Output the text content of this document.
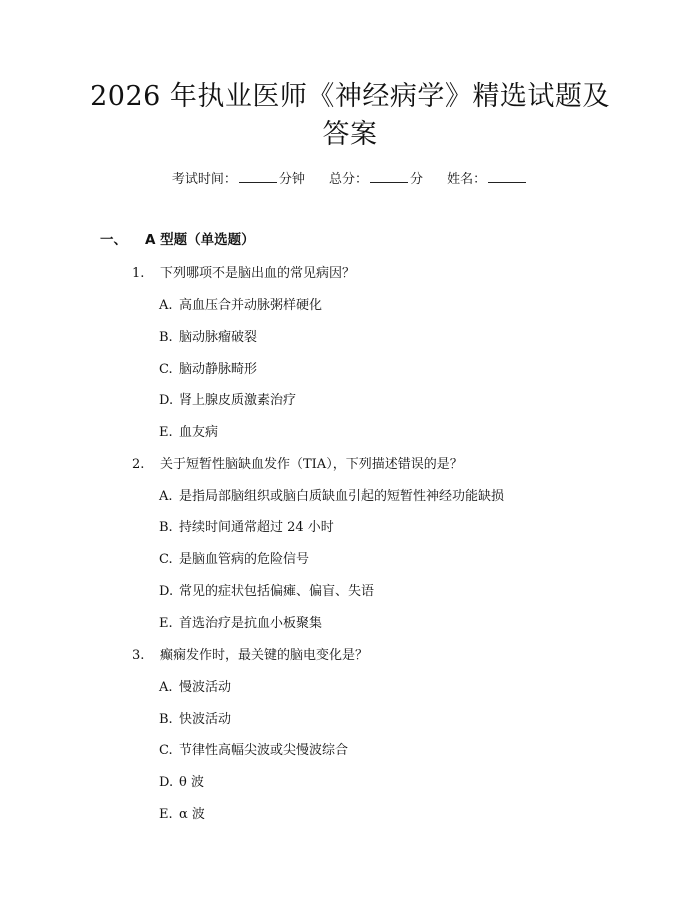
2026 年执业医师《神经病学》精选试题及答案
考试时间：	分钟 总分：	分 姓名：
一、 A 型题（单选题）
1. 下列哪项不是脑出血的常见病因？
A. 高血压合并动脉粥样硬化
B. 脑动脉瘤破裂
C. 脑动静脉畸形
D. 肾上腺皮质激素治疗
E. 血友病
2. 关于短暂性脑缺血发作（TIA），下列描述错误的是？
A. 是指局部脑组织或脑白质缺血引起的短暂性神经功能缺损
B. 持续时间通常超过 24 小时
C. 是脑血管病的危险信号
D. 常见的症状包括偏瘫、偏盲、失语
E. 首选治疗是抗血小板聚集
3. 癫痫发作时，最关键的脑电变化是？
A. 慢波活动
B. 快波活动
C. 节律性高幅尖波或尖慢波综合
D. θ 波
E. α 波
